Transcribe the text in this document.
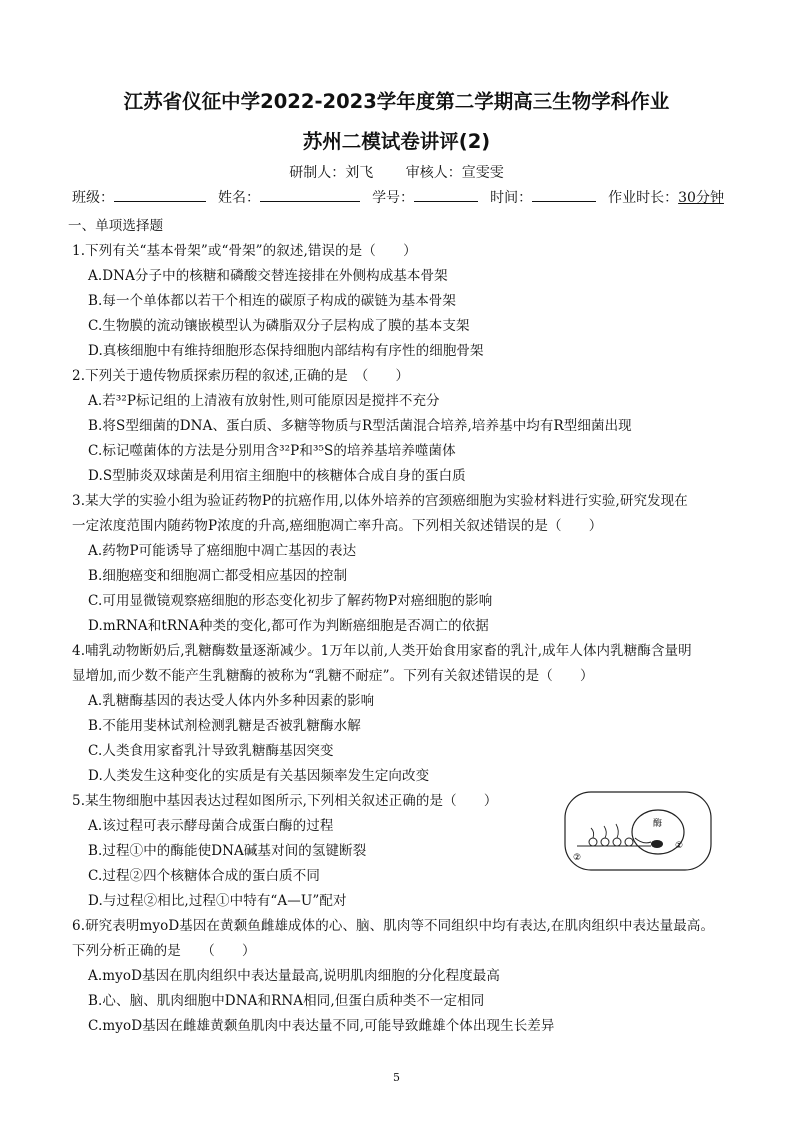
江苏省仪征中学2022-2023学年度第二学期高三生物学科作业
苏州二模试卷讲评(2)
研制人：刘飞 审核人：宣雯雯
班级：	姓名：	学号：	时间：	作业时长：30分钟
一、单项选择题
1.下列有关“基本骨架”或“骨架”的叙述,错误的是（　　）
A.DNA分子中的核糖和磷酸交替连接排在外侧构成基本骨架
B.每一个单体都以若干个相连的碳原子构成的碳链为基本骨架
C.生物膜的流动镶嵌模型认为磷脂双分子层构成了膜的基本支架
D.真核细胞中有维持细胞形态保持细胞内部结构有序性的细胞骨架
2.下列关于遗传物质探索历程的叙述,正确的是　（　　）
A.若³²P标记组的上清液有放射性,则可能原因是搅拌不充分
B.将S型细菌的DNA、蛋白质、多糖等物质与R型活菌混合培养,培养基中均有R型细菌出现
C.标记噬菌体的方法是分别用含³²P和³⁵S的培养基培养噬菌体
D.S型肺炎双球菌是利用宿主细胞中的核糖体合成自身的蛋白质
3.某大学的实验小组为验证药物P的抗癌作用,以体外培养的宫颈癌细胞为实验材料进行实验,研究发现在
一定浓度范围内随药物P浓度的升高,癌细胞凋亡率升高。下列相关叙述错误的是（　　）
A.药物P可能诱导了癌细胞中凋亡基因的表达
B.细胞癌变和细胞凋亡都受相应基因的控制
C.可用显微镜观察癌细胞的形态变化初步了解药物P对癌细胞的影响
D.mRNA和tRNA种类的变化,都可作为判断癌细胞是否凋亡的依据
4.哺乳动物断奶后,乳糖酶数量逐渐减少。1万年以前,人类开始食用家畜的乳汁,成年人体内乳糖酶含量明
显增加,而少数不能产生乳糖酶的被称为“乳糖不耐症”。下列有关叙述错误的是（　　）
A.乳糖酶基因的表达受人体内外多种因素的影响
B.不能用斐林试剂检测乳糖是否被乳糖酶水解
C.人类食用家畜乳汁导致乳糖酶基因突变
D.人类发生这种变化的实质是有关基因频率发生定向改变
5.某生物细胞中基因表达过程如图所示,下列相关叙述正确的是（　　）
A.该过程可表示酵母菌合成蛋白酶的过程
B.过程①中的酶能使DNA碱基对间的氢键断裂
C.过程②四个核糖体合成的蛋白质不同
D.与过程②相比,过程①中特有“A—U”配对
酶
①
②
6.研究表明myoD基因在黄颡鱼雌雄成体的心、脑、肌肉等不同组织中均有表达,在肌肉组织中表达量最高。
下列分析正确的是　　（　　）
A.myoD基因在肌肉组织中表达量最高,说明肌肉细胞的分化程度最高
B.心、脑、肌肉细胞中DNA和RNA相同,但蛋白质种类不一定相同
C.myoD基因在雌雄黄颡鱼肌肉中表达量不同,可能导致雌雄个体出现生长差异
5
